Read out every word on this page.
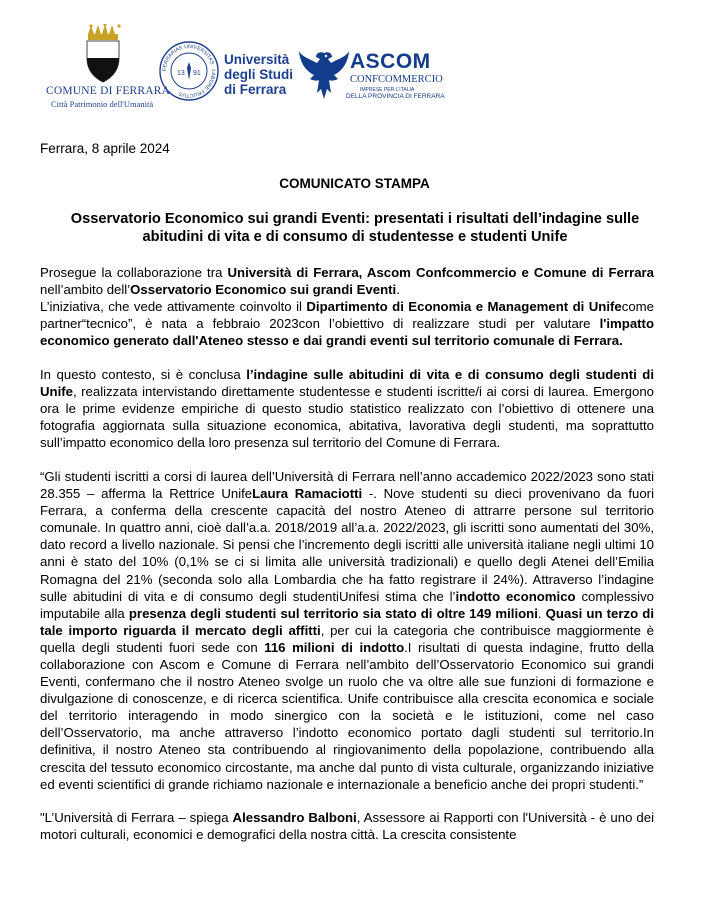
COMUNE DI FERRARA
Città Patrimonio dell'Umanità
FERRARIAE UNIVERSITAS · LABORE FRUCTUS
13 91
Università
degli Studi
di Ferrara
ASCOM
CONFCOMMERCIO
IMPRESE PER L'ITALIA
DELLA PROVINCIA DI FERRARA
Ferrara, 8 aprile 2024
COMUNICATO STAMPA
Osservatorio Economico sui grandi Eventi: presentati i risultati dell’indagine sulle abitudini di vita e di consumo di studentesse e studenti Unife

Prosegue la collaborazione tra Università di Ferrara, Ascom Confcommercio e Comune di Ferrara nell’ambito dell’Osservatorio Economico sui grandi Eventi.
L’iniziativa, che vede attivamente coinvolto il Dipartimento di Economia e Management di Unifecome partner“tecnico”, è nata a febbraio 2023con l’obiettivo di realizzare studi per valutare l'impatto economico generato dall'Ateneo stesso e dai grandi eventi sul territorio comunale di Ferrara.

In questo contesto, si è conclusa l’indagine sulle abitudini di vita e di consumo degli studenti di Unife, realizzata intervistando direttamente studentesse e studenti iscritte/i ai corsi di laurea. Emergono ora le prime evidenze empiriche di questo studio statistico realizzato con l’obiettivo di ottenere una fotografia aggiornata sulla situazione economica, abitativa, lavorativa degli studenti, ma soprattutto sull’impatto economico della loro presenza sul territorio del Comune di Ferrara.

“Gli studenti iscritti a corsi di laurea dell’Università di Ferrara nell’anno accademico 2022/2023 sono stati 28.355 – afferma la Rettrice UnifeLaura Ramaciotti -. Nove studenti su dieci provenivano da fuori Ferrara, a conferma della crescente capacità del nostro Ateneo di attrarre persone sul territorio comunale. In quattro anni, cioè dall’a.a. 2018/2019 all’a.a. 2022/2023, gli iscritti sono aumentati del 30%, dato record a livello nazionale. Si pensi che l’incremento degli iscritti alle università italiane negli ultimi 10 anni è stato del 10% (0,1% se ci si limita alle università tradizionali) e quello degli Atenei dell’Emilia Romagna del 21% (seconda solo alla Lombardia che ha fatto registrare il 24%). Attraverso l’indagine sulle abitudini di vita e di consumo degli studentiUnifesi stima che l’indotto economico complessivo imputabile alla presenza degli studenti sul territorio sia stato di oltre 149 milioni. Quasi un terzo di tale importo riguarda il mercato degli affitti, per cui la categoria che contribuisce maggiormente è quella degli studenti fuori sede con 116 milioni di indotto.I risultati di questa indagine, frutto della collaborazione con Ascom e Comune di Ferrara nell’ambito dell’Osservatorio Economico sui grandi Eventi, confermano che il nostro Ateneo svolge un ruolo che va oltre alle sue funzioni di formazione e divulgazione di conoscenze, e di ricerca scientifica. Unife contribuisce alla crescita economica e sociale del territorio interagendo in modo sinergico con la società e le istituzioni, come nel caso dell’Osservatorio, ma anche attraverso l’indotto economico portato dagli studenti sul territorio.In definitiva, il nostro Ateneo sta contribuendo al ringiovanimento della popolazione, contribuendo alla crescita del tessuto economico circostante, ma anche dal punto di vista culturale, organizzando iniziative ed eventi scientifici di grande richiamo nazionale e internazionale a beneficio anche dei propri studenti.”

"L’Università di Ferrara – spiega Alessandro Balboni, Assessore ai Rapporti con l'Università - è uno dei motori culturali, economici e demografici della nostra città. La crescita consistente
